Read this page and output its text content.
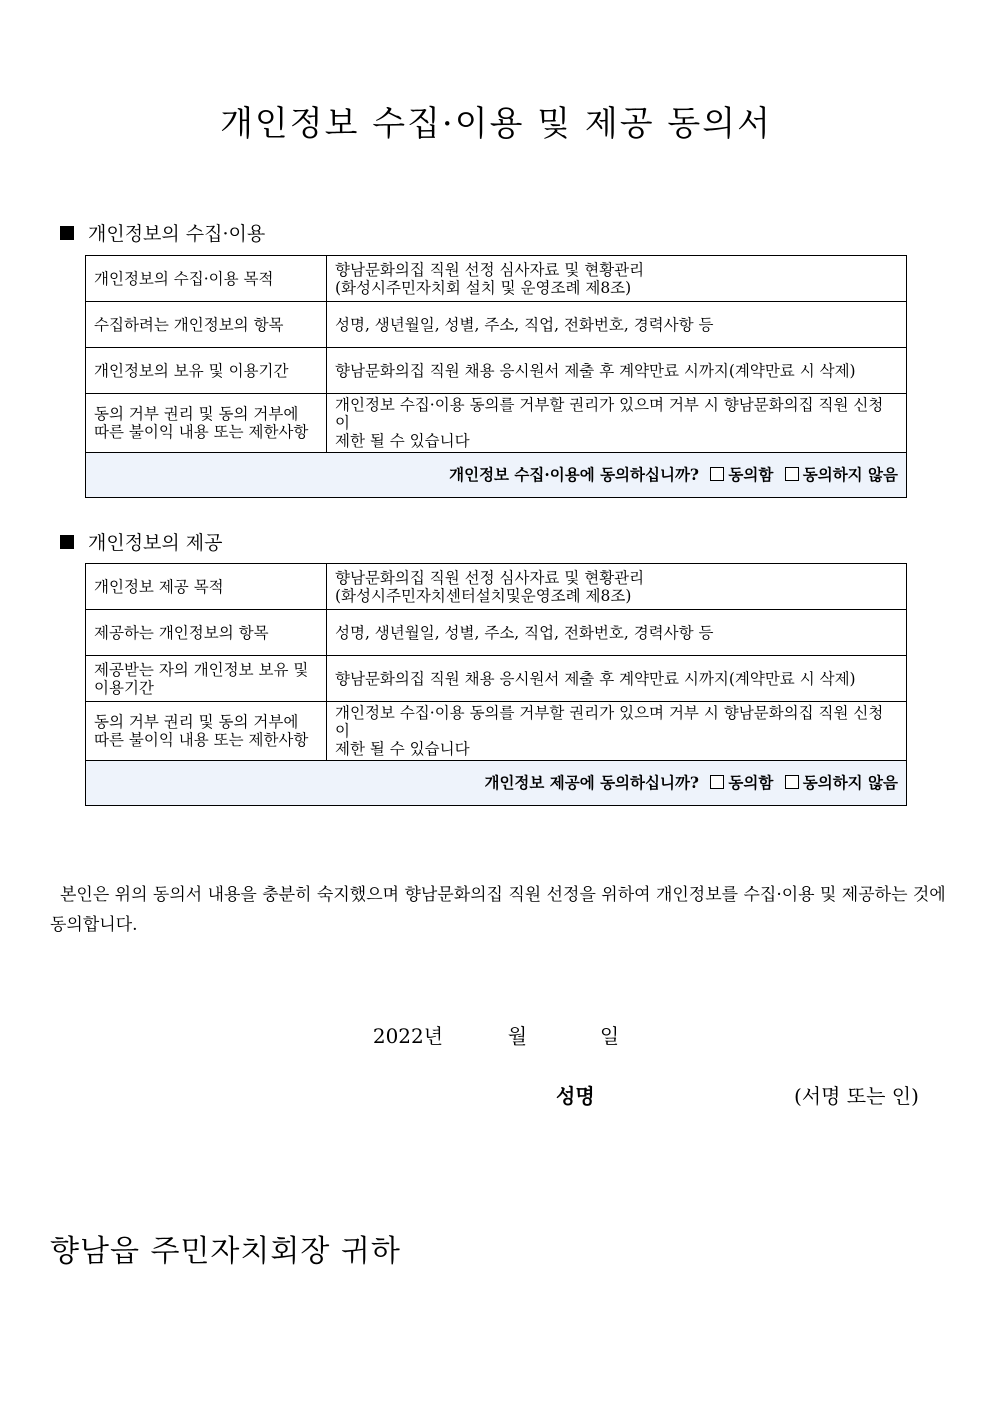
개인정보 수집·이용 및 제공 동의서
개인정보의 수집·이용
개인정보의 수집·이용 목적	향남문화의집 직원 선정 심사자료 및 현황관리
(화성시주민자치회 설치 및 운영조례 제8조)

수집하려는 개인정보의 항목	성명, 생년월일, 성별, 주소, 직업, 전화번호, 경력사항 등
개인정보의 보유 및 이용기간	향남문화의집 직원 채용 응시원서 제출 후 계약만료 시까지(계약만료 시 삭제)
동의 거부 권리 및 동의 거부에 따른 불이익 내용 또는 제한사항	개인정보 수집·이용 동의를 거부할 권리가 있으며 거부 시 향남문화의집 직원 신청이
제한 될 수 있습니다

개인정보 수집·이용에 동의하십니까? 동의함 동의하지 않음	
개인정보의 제공
개인정보 제공 목적	향남문화의집 직원 선정 심사자료 및 현황관리
(화성시주민자치센터설치및운영조례 제8조)

제공하는 개인정보의 항목	성명, 생년월일, 성별, 주소, 직업, 전화번호, 경력사항 등
제공받는 자의 개인정보 보유 및 이용기간	향남문화의집 직원 채용 응시원서 제출 후 계약만료 시까지(계약만료 시 삭제)
동의 거부 권리 및 동의 거부에 따른 불이익 내용 또는 제한사항	개인정보 수집·이용 동의를 거부할 권리가 있으며 거부 시 향남문화의집 직원 신청이
제한 될 수 있습니다

개인정보 제공에 동의하십니까? 동의함 동의하지 않음	
본인은 위의 동의서 내용을 충분히 숙지했으며 향남문화의집 직원 선정을 위하여 개인정보를 수집·이용 및 제공하는 것에 동의합니다.
2022년	월	일
성명	(서명 또는 인)
향남읍 주민자치회장 귀하
